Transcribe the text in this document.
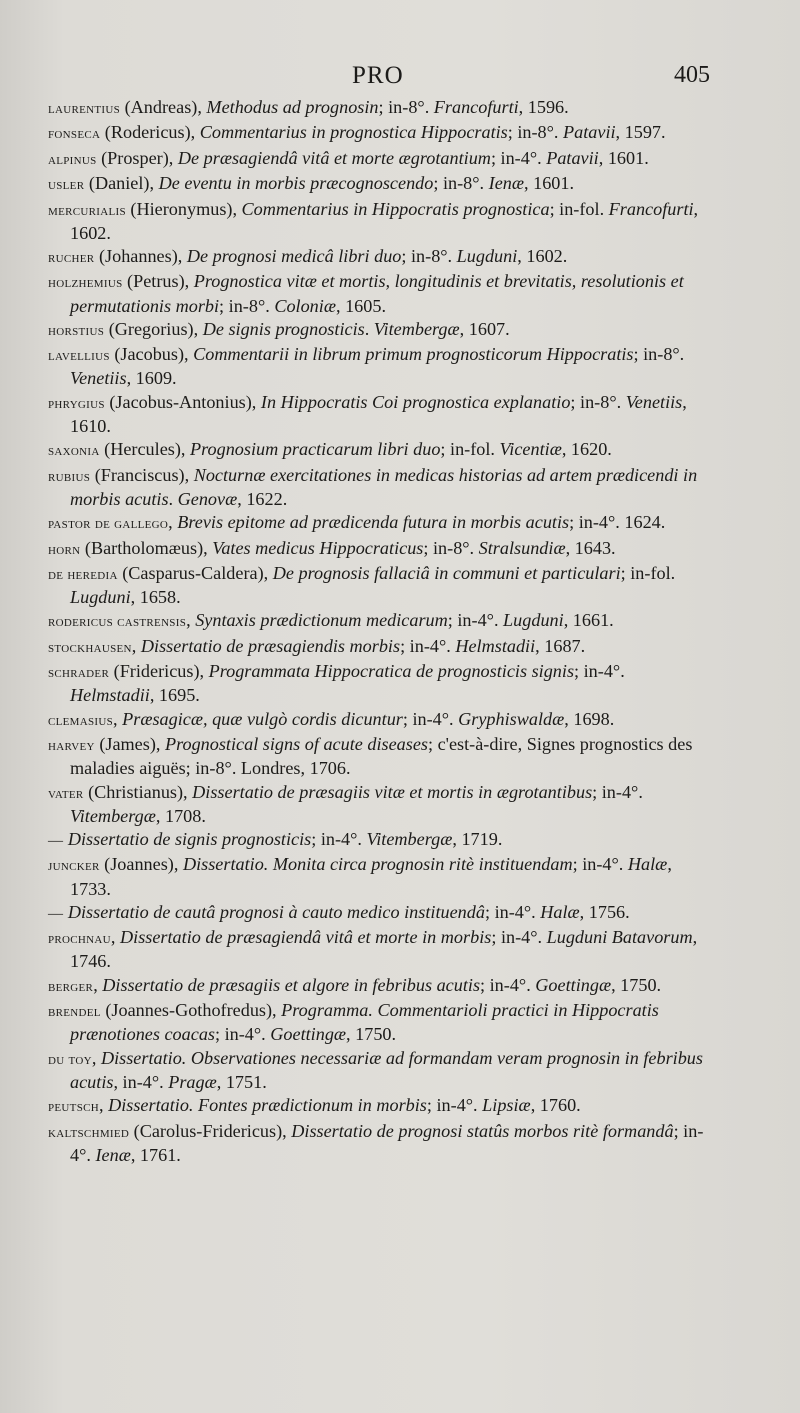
PRO	405

laurentius (Andreas), Methodus ad prognosin; in-8°. Francofurti, 1596.

fonseca (Rodericus), Commentarius in prognostica Hippocratis; in-8°. Patavii, 1597.

alpinus (Prosper), De præsagiendâ vitâ et morte ægrotantium; in-4°. Patavii, 1601.

usler (Daniel), De eventu in morbis præcognoscendo; in-8°. Ienæ, 1601.

mercurialis (Hieronymus), Commentarius in Hippocratis prognostica; in-fol. Francofurti, 1602.

rucher (Johannes), De prognosi medicâ libri duo; in-8°. Lugduni, 1602.

holzhemius (Petrus), Prognostica vitæ et mortis, longitudinis et brevitatis, resolutionis et permutationis morbi; in-8°. Coloniæ, 1605.

horstius (Gregorius), De signis prognosticis. Vitembergæ, 1607.

lavellius (Jacobus), Commentarii in librum primum prognosticorum Hippocratis; in-8°. Venetiis, 1609.

phrygius (Jacobus-Antonius), In Hippocratis Coi prognostica explanatio; in-8°. Venetiis, 1610.

saxonia (Hercules), Prognosium practicarum libri duo; in-fol. Vicentiæ, 1620.

rubius (Franciscus), Nocturnæ exercitationes in medicas historias ad artem prædicendi in morbis acutis. Genovæ, 1622.

pastor de gallego, Brevis epitome ad prædicenda futura in morbis acutis; in-4°. 1624.

horn (Bartholomæus), Vates medicus Hippocraticus; in-8°. Stralsundiæ, 1643.

de heredia (Casparus-Caldera), De prognosis fallaciâ in communi et particulari; in-fol. Lugduni, 1658.

rodericus castrensis, Syntaxis prædictionum medicarum; in-4°. Lugduni, 1661.

stockhausen, Dissertatio de præsagiendis morbis; in-4°. Helmstadii, 1687.

schrader (Fridericus), Programmata Hippocratica de prognosticis signis; in-4°. Helmstadii, 1695.

clemasius, Præsagicæ, quæ vulgò cordis dicuntur; in-4°. Gryphiswaldæ, 1698.

harvey (James), Prognostical signs of acute diseases; c'est-à-dire, Signes prognostics des maladies aiguës; in-8°. Londres, 1706.

vater (Christianus), Dissertatio de præsagiis vitæ et mortis in ægrotantibus; in-4°. Vitembergæ, 1708.

— Dissertatio de signis prognosticis; in-4°. Vitembergæ, 1719.

juncker (Joannes), Dissertatio. Monita circa prognosin ritè instituendam; in-4°. Halæ, 1733.

— Dissertatio de cautâ prognosi à cauto medico instituendâ; in-4°. Halæ, 1756.

prochnau, Dissertatio de præsagiendâ vitâ et morte in morbis; in-4°. Lugduni Batavorum, 1746.

berger, Dissertatio de præsagiis et algore in febribus acutis; in-4°. Goettingæ, 1750.

brendel (Joannes-Gothofredus), Programma. Commentarioli practici in Hippocratis prænotiones coacas; in-4°. Goettingæ, 1750.

du toy, Dissertatio. Observationes necessariæ ad formandam veram prognosin in febribus acutis, in-4°. Pragæ, 1751.

peutsch, Dissertatio. Fontes prædictionum in morbis; in-4°. Lipsiæ, 1760.

kaltschmied (Carolus-Fridericus), Dissertatio de prognosi statûs morbos ritè formandâ; in-4°. Ienæ, 1761.
